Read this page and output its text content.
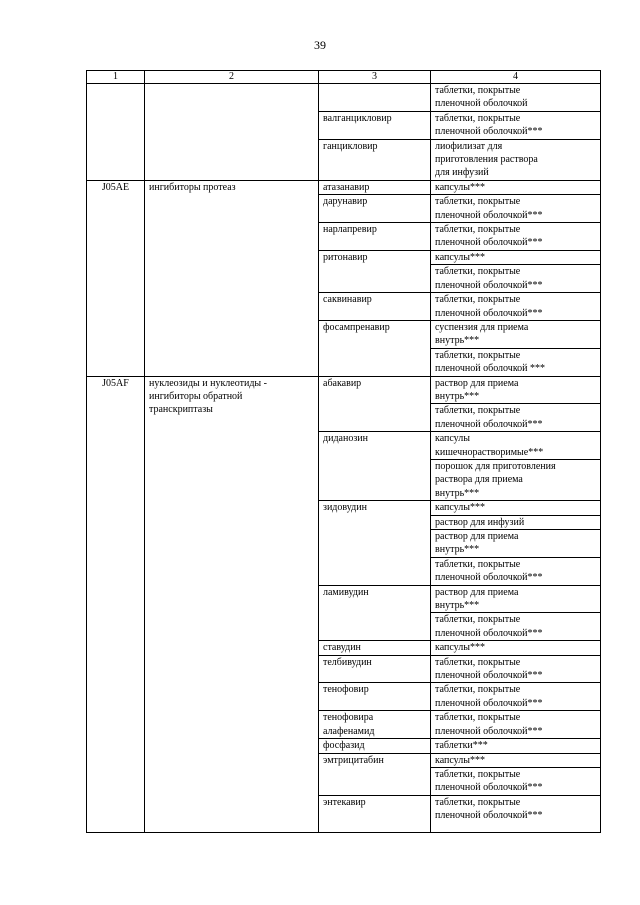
39
1	2	3	4
			таблетки, покрытые
пленочной оболочкой
		валганцикловир	таблетки, покрытые
пленочной оболочкой***
		ганцикловир	лиофилизат для
приготовления раствора
для инфузий
J05AE	ингибиторы протеаз	атазанавир	капсулы***
		дарунавир	таблетки, покрытые
пленочной оболочкой***
		нарлапревир	таблетки, покрытые
пленочной оболочкой***
		ритонавир	капсулы***
			таблетки, покрытые
пленочной оболочкой***
		саквинавир	таблетки, покрытые
пленочной оболочкой***
		фосампренавир	суспензия для приема
внутрь***
			таблетки, покрытые
пленочной оболочкой ***
J05AF	нуклеозиды и нуклеотиды -
ингибиторы обратной
транскриптазы	абакавир	раствор для приема
внутрь***
			таблетки, покрытые
пленочной оболочкой***
		диданозин	капсулы
кишечнорастворимые***
			порошок для приготовления
раствора для приема
внутрь***
		зидовудин	капсулы***
			раствор для инфузий
			раствор для приема
внутрь***
			таблетки, покрытые
пленочной оболочкой***
		ламивудин	раствор для приема
внутрь***
			таблетки, покрытые
пленочной оболочкой***
		ставудин	капсулы***
		телбивудин	таблетки, покрытые
пленочной оболочкой***
		тенофовир	таблетки, покрытые
пленочной оболочкой***
		тенофовира
алафенамид	таблетки, покрытые
пленочной оболочкой***
		фосфазид	таблетки***
		эмтрицитабин	капсулы***
			таблетки, покрытые
пленочной оболочкой***
		энтекавир	таблетки, покрытые
пленочной оболочкой***
